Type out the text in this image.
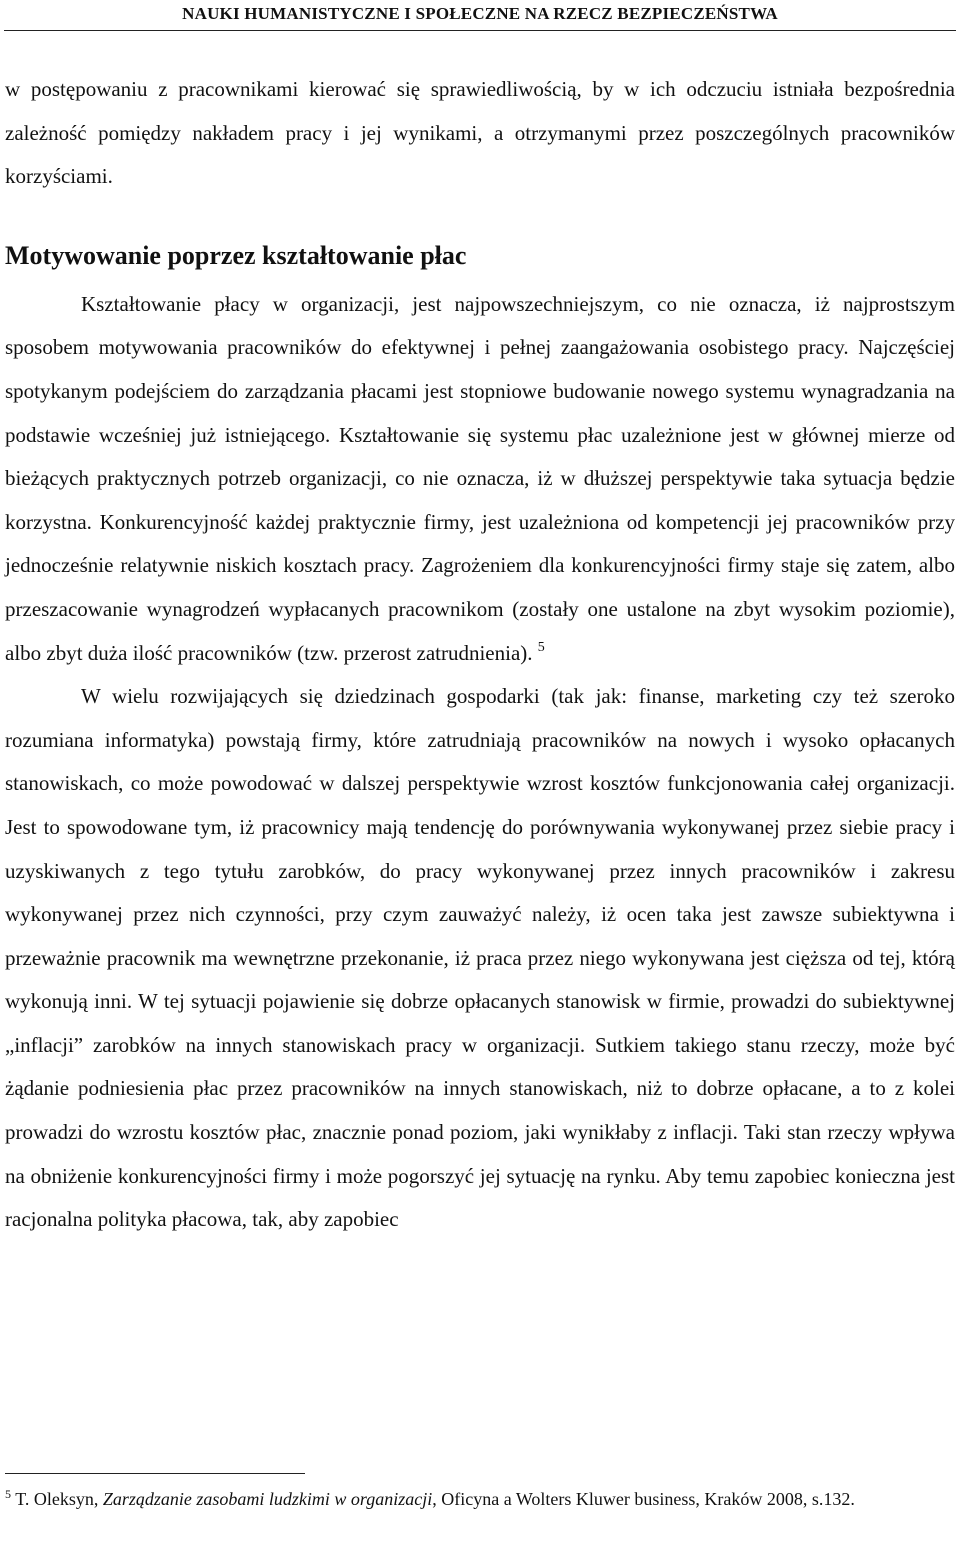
NAUKI HUMANISTYCZNE I SPOŁECZNE NA RZECZ BEZPIECZEŃSTWA

w postępowaniu z pracownikami kierować się sprawiedliwością, by w ich odczuciu istniała bezpośrednia zależność pomiędzy nakładem pracy i jej wynikami, a otrzymanymi przez poszczególnych pracowników korzyściami.

Motywowanie poprzez kształtowanie płac

Kształtowanie płacy w organizacji, jest najpowszechniejszym, co nie oznacza, iż najprostszym sposobem motywowania pracowników do efektywnej i pełnej zaangażowania osobistego pracy. Najczęściej spotykanym podejściem do zarządzania płacami jest stopniowe budowanie nowego systemu wynagradzania na podstawie wcześniej już istniejącego. Kształtowanie się systemu płac uzależnione jest w głównej mierze od bieżących praktycznych potrzeb organizacji, co nie oznacza, iż w dłuższej perspektywie taka sytuacja będzie korzystna. Konkurencyjność każdej praktycznie firmy, jest uzależniona od kompetencji jej pracowników przy jednocześnie relatywnie niskich kosztach pracy. Zagrożeniem dla konkurencyjności firmy staje się zatem, albo przeszacowanie wynagrodzeń wypłacanych pracownikom (zostały one ustalone na zbyt wysokim poziomie), albo zbyt duża ilość pracowników (tzw. przerost zatrudnienia). $^5$

W wielu rozwijających się dziedzinach gospodarki (tak jak: finanse, marketing czy też szeroko rozumiana informatyka) powstają firmy, które zatrudniają pracowników na nowych i wysoko opłacanych stanowiskach, co może powodować w dalszej perspektywie wzrost kosztów funkcjonowania całej organizacji. Jest to spowodowane tym, iż pracownicy mają tendencję do porównywania wykonywanej przez siebie pracy i uzyskiwanych z tego tytułu zarobków, do pracy wykonywanej przez innych pracowników i zakresu wykonywanej przez nich czynności, przy czym zauważyć należy, iż ocen taka jest zawsze subiektywna i przeważnie pracownik ma wewnętrzne przekonanie, iż praca przez niego wykonywana jest cięższa od tej, którą wykonują inni. W tej sytuacji pojawienie się dobrze opłacanych stanowisk w firmie, prowadzi do subiektywnej „inflacji” zarobków na innych stanowiskach pracy w organizacji. Sutkiem takiego stanu rzeczy, może być żądanie podniesienia płac przez pracowników na innych stanowiskach, niż to dobrze opłacane, a to z kolei prowadzi do wzrostu kosztów płac, znacznie ponad poziom, jaki wynikłaby z inflacji. Taki stan rzeczy wpływa na obniżenie konkurencyjności firmy i może pogorszyć jej sytuację na rynku. Aby temu zapobiec konieczna jest racjonalna polityka płacowa, tak, aby zapobiec

$^5$ T. Oleksyn, Zarządzanie zasobami ludzkimi w organizacji, Oficyna a Wolters Kluwer business, Kraków 2008, s.132.
